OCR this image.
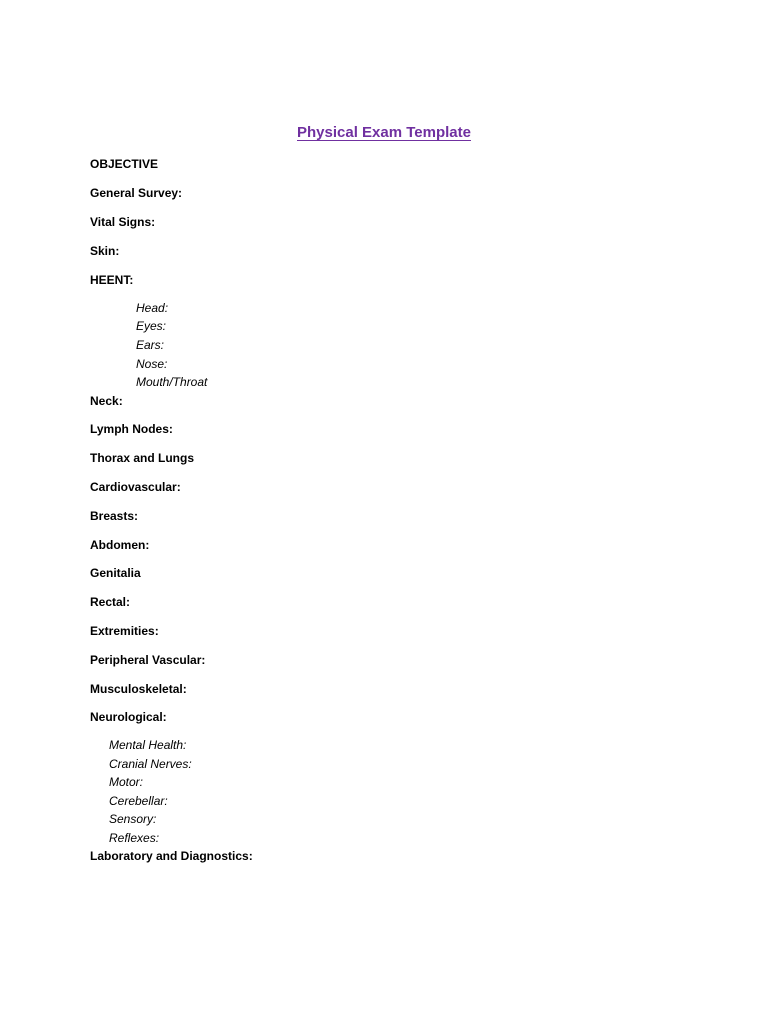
Physical Exam Template
OBJECTIVE
General Survey:
Vital Signs:
Skin:
HEENT:
Head:
Eyes:
Ears:
Nose:
Mouth/Throat
Neck:
Lymph Nodes:
Thorax and Lungs
Cardiovascular:
Breasts:
Abdomen:
Genitalia
Rectal:
Extremities:
Peripheral Vascular:
Musculoskeletal:
Neurological:
Mental Health:
Cranial Nerves:
Motor:
Cerebellar:
Sensory:
Reflexes:
Laboratory and Diagnostics:
